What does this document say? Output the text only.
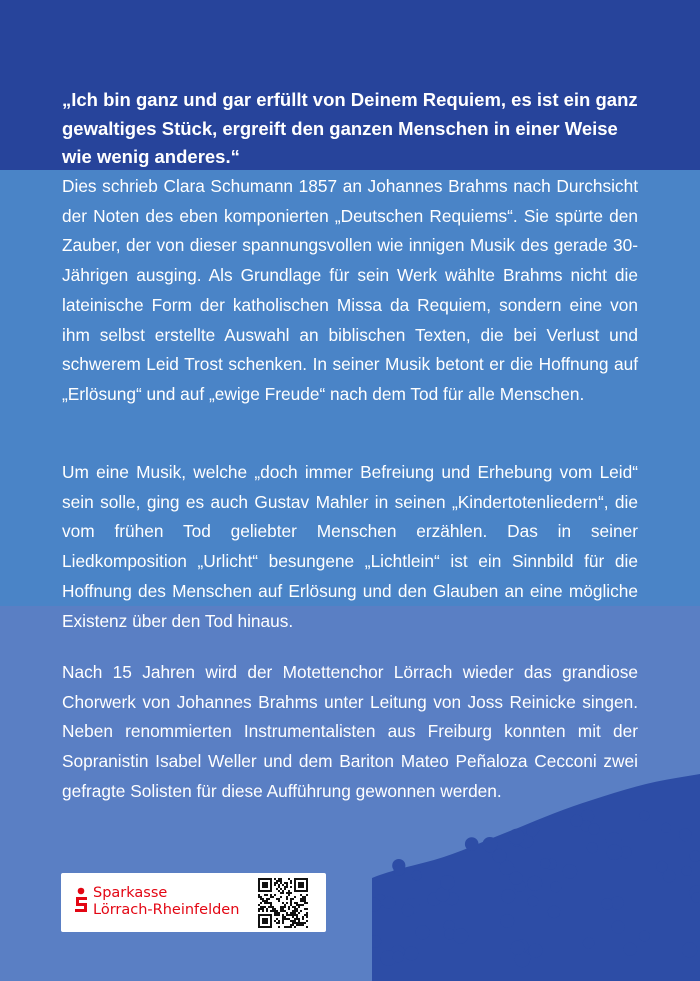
„Ich bin ganz und gar erfüllt von Deinem Requiem, es ist ein ganz gewaltiges Stück, ergreift den ganzen Menschen in einer Weise wie wenig anderes.“
Dies schrieb Clara Schumann 1857 an Johannes Brahms nach Durchsicht der Noten des eben komponierten „Deutschen Requiems“. Sie spürte den Zauber, der von dieser spannungsvollen wie innigen Musik des gerade 30-Jährigen ausging. Als Grundlage für sein Werk wählte Brahms nicht die lateinische Form der katholischen Missa da Requiem, sondern eine von ihm selbst erstellte Auswahl an biblischen Texten, die bei Verlust und schwerem Leid Trost schenken. In seiner Musik betont er die Hoffnung auf „Erlösung“ und auf „ewige Freude“ nach dem Tod für alle Menschen.
Um eine Musik, welche „doch immer Befreiung und Erhebung vom Leid“ sein solle, ging es auch Gustav Mahler in seinen „Kindertotenliedern“, die vom frühen Tod geliebter Menschen erzählen. Das in seiner Liedkomposition „Urlicht“ besungene „Lichtlein“ ist ein Sinnbild für die Hoffnung des Menschen auf Erlösung und den Glauben an eine mögliche Existenz über den Tod hinaus.
Nach 15 Jahren wird der Motettenchor Lörrach wieder das grandiose Chorwerk von Johannes Brahms unter Leitung von Joss Reinicke singen. Neben renommierten Instrumentalisten aus Freiburg konnten mit der Sopranistin Isabel Weller und dem Bariton Mateo Peñaloza Cecconi zwei gefragte Solisten für diese Aufführung gewonnen werden.
Sparkasse
Lörrach-Rheinfelden
